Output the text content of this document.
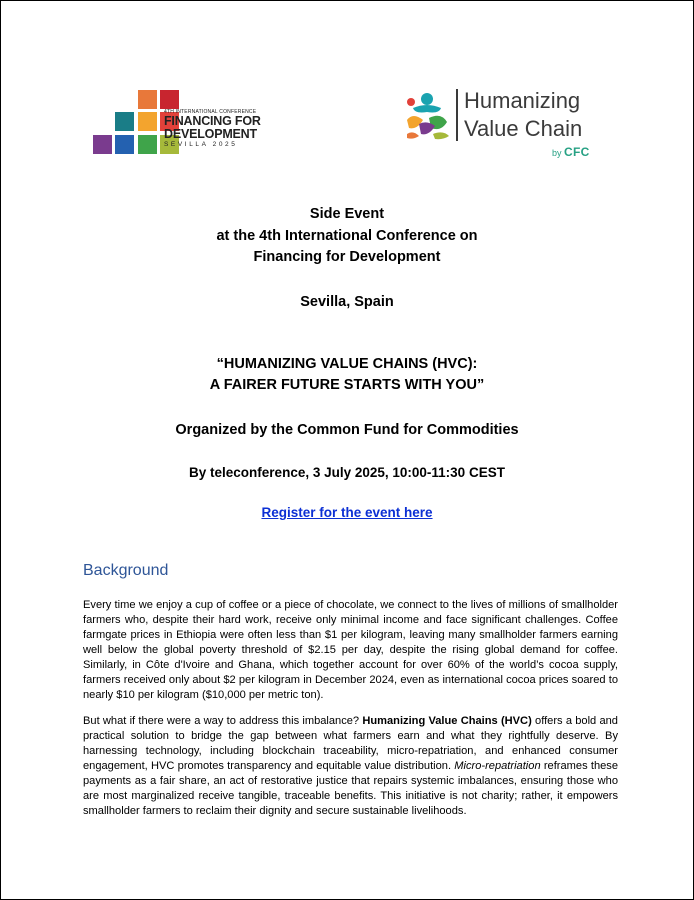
4TH INTERNATIONAL CONFERENCE
FINANCING FOR
DEVELOPMENT
SEVILLA 2025
Humanizing
Value Chain
by CFC
Side Event
at the 4th International Conference on
Financing for Development
Sevilla, Spain
“HUMANIZING VALUE CHAINS (HVC):
A FAIRER FUTURE STARTS WITH YOU”
Organized by the Common Fund for Commodities
By teleconference, 3 July 2025, 10:00-11:30 CEST
Register for the event here
Background
Every time we enjoy a cup of coffee or a piece of chocolate, we connect to the lives of millions of smallholder farmers who, despite their hard work, receive only minimal income and face significant challenges. Coffee farmgate prices in Ethiopia were often less than $1 per kilogram, leaving many smallholder farmers earning well below the global poverty threshold of $2.15 per day, despite the rising global demand for coffee. Similarly, in Côte d'Ivoire and Ghana, which together account for over 60% of the world’s cocoa supply, farmers received only about $2 per kilogram in December 2024, even as international cocoa prices soared to nearly $10 per kilogram ($10,000 per metric ton).
But what if there were a way to address this imbalance? Humanizing Value Chains (HVC) offers a bold and practical solution to bridge the gap between what farmers earn and what they rightfully deserve. By harnessing technology, including blockchain traceability, micro-repatriation, and enhanced consumer engagement, HVC promotes transparency and equitable value distribution. Micro-repatriation reframes these payments as a fair share, an act of restorative justice that repairs systemic imbalances, ensuring those who are most marginalized receive tangible, traceable benefits. This initiative is not charity; rather, it empowers smallholder farmers to reclaim their dignity and secure sustainable livelihoods.
